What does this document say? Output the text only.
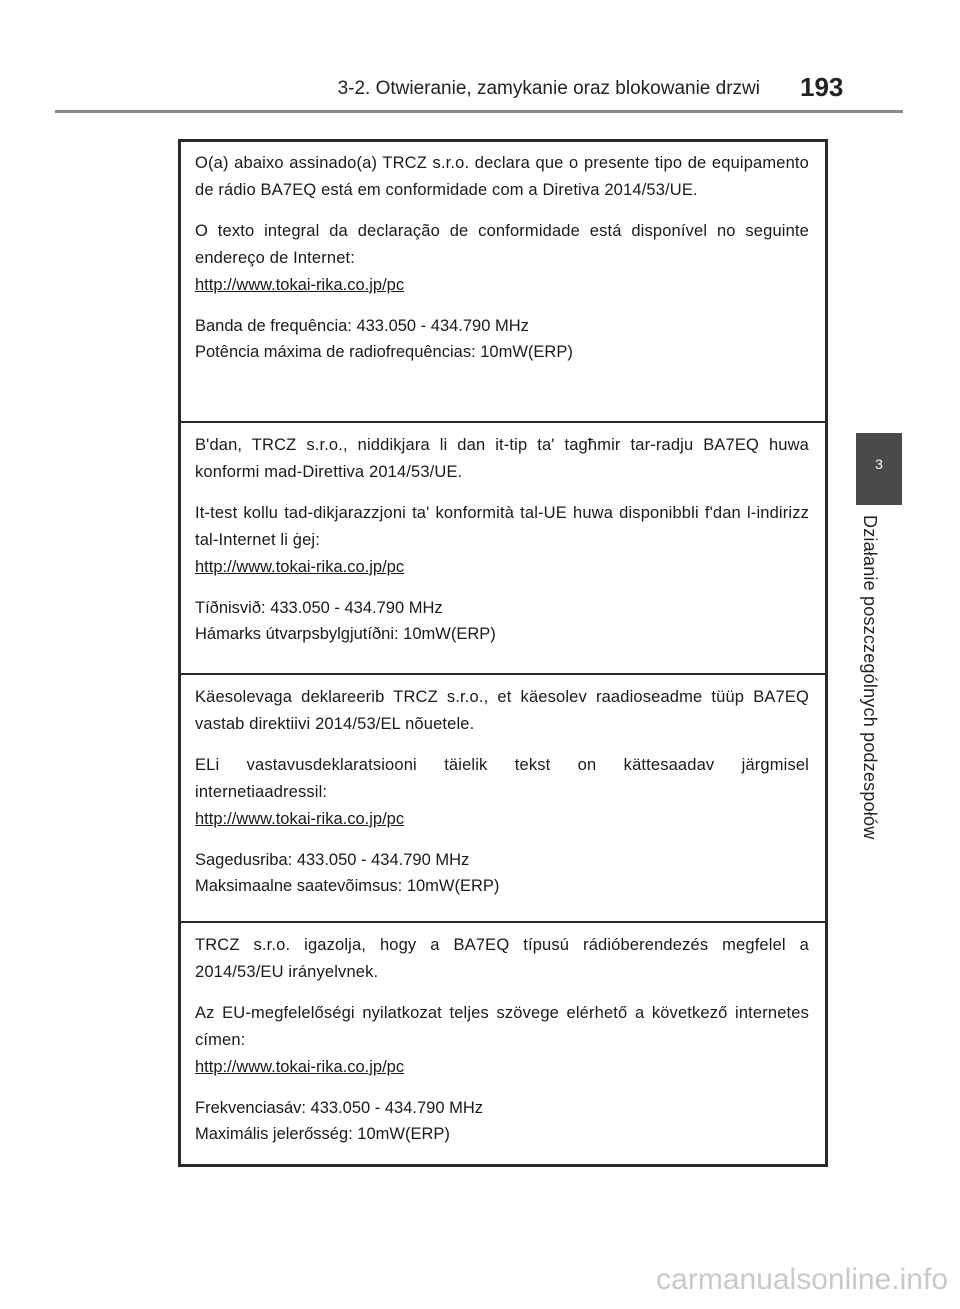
3-2. Otwieranie, zamykanie oraz blokowanie drzwi 193
3
Działanie poszczególnych podzespołów

O(a) abaixo assinado(a) TRCZ s.r.o. declara que o presente tipo de equipamento de rádio BA7EQ está em conformidade com a Diretiva 2014/53/UE.

O texto integral da declaração de conformidade está disponível no seguinte endereço de Internet:

http://www.tokai-rika.co.jp/pc

Banda de frequência: 433.050 - 434.790 MHz

Potência máxima de radiofrequências: 10mW(ERP)

B'dan, TRCZ s.r.o., niddikjara li dan it-tip ta' tagħmir tar-radju BA7EQ huwa konformi mad-Direttiva 2014/53/UE.

It-test kollu tad-dikjarazzjoni ta' konformità tal-UE huwa disponibbli f'dan l-indirizz tal-Internet li ġej:

http://www.tokai-rika.co.jp/pc

Tíðnisvið: 433.050 - 434.790 MHz

Hámarks útvarpsbylgjutíðni: 10mW(ERP)

Käesolevaga deklareerib TRCZ s.r.o., et käesolev raadioseadme tüüp BA7EQ vastab direktiivi 2014/53/EL nõuetele.

ELi vastavusdeklaratsiooni täielik tekst on kättesaadav järgmisel internetiaadressil:

http://www.tokai-rika.co.jp/pc

Sagedusriba: 433.050 - 434.790 MHz

Maksimaalne saatevõimsus: 10mW(ERP)

TRCZ s.r.o. igazolja, hogy a BA7EQ típusú rádióberendezés megfelel a 2014/53/EU irányelvnek.

Az EU-megfelelőségi nyilatkozat teljes szövege elérhető a következő internetes címen:

http://www.tokai-rika.co.jp/pc

Frekvenciasáv: 433.050 - 434.790 MHz

Maximális jelerősség: 10mW(ERP)

carmanualsonline.info
